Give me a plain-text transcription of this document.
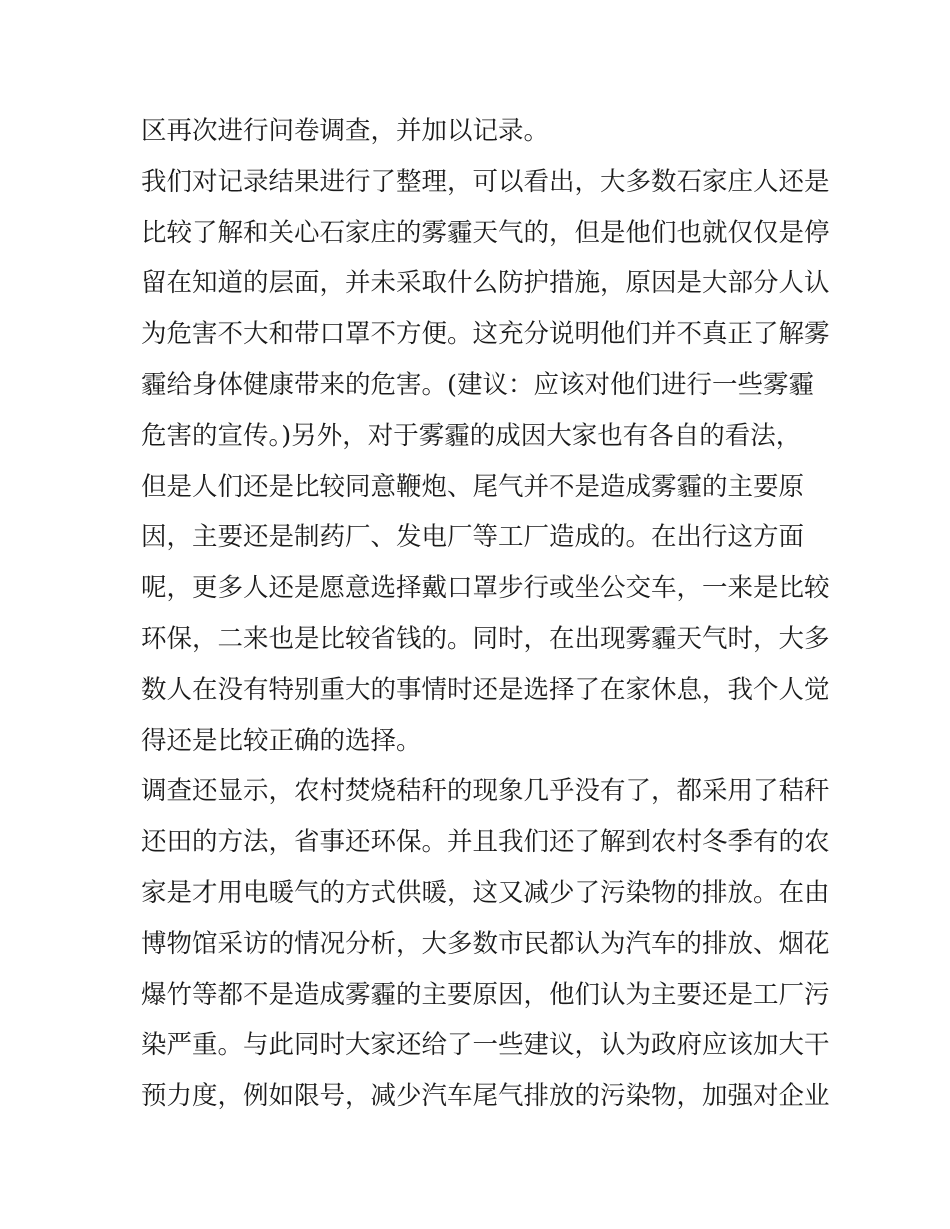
区再次进行问卷调查，并加以记录。
我们对记录结果进行了整理，可以看出，大多数石家庄人还是
比较了解和关心石家庄的雾霾天气的，但是他们也就仅仅是停
留在知道的层面，并未采取什么防护措施，原因是大部分人认
为危害不大和带口罩不方便。这充分说明他们并不真正了解雾
霾给身体健康带来的危害。(建议：应该对他们进行一些雾霾
危害的宣传。)另外，对于雾霾的成因大家也有各自的看法，
但是人们还是比较同意鞭炮、尾气并不是造成雾霾的主要原
因，主要还是制药厂、发电厂等工厂造成的。在出行这方面
呢，更多人还是愿意选择戴口罩步行或坐公交车，一来是比较
环保，二来也是比较省钱的。同时，在出现雾霾天气时，大多
数人在没有特别重大的事情时还是选择了在家休息，我个人觉
得还是比较正确的选择。
调查还显示，农村焚烧秸秆的现象几乎没有了，都采用了秸秆
还田的方法，省事还环保。并且我们还了解到农村冬季有的农
家是才用电暖气的方式供暖，这又减少了污染物的排放。在由
博物馆采访的情况分析，大多数市民都认为汽车的排放、烟花
爆竹等都不是造成雾霾的主要原因，他们认为主要还是工厂污
染严重。与此同时大家还给了一些建议，认为政府应该加大干
预力度，例如限号，减少汽车尾气排放的污染物，加强对企业
